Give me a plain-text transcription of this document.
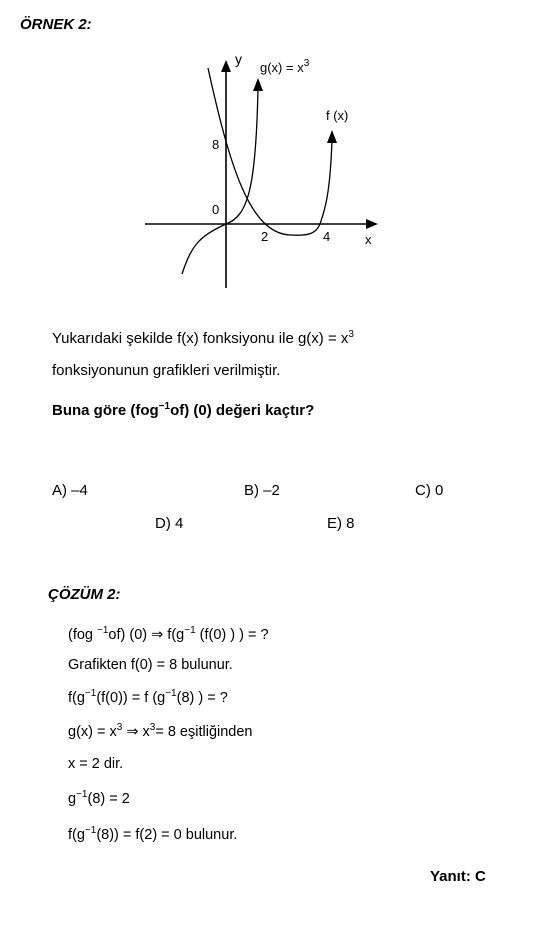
ÖRNEK 2:
y
$g(x) = x^3$
f (x)
8
0
2	4	x
Yukarıdaki şekilde f(x) fonksiyonu ile $g(x) = x^3$
fonksiyonunun grafikleri verilmiştir.
Buna göre (fog$^{-1}$of) (0) değeri kaçtır?
A) –4	B) –2	C) 0
D) 4	E) 8
ÇÖZÜM 2:
(fog $^{-1}$of) (0) ⇒ $f(g^{-1}$ (f(0) ) ) = ?
Grafikten f(0) = 8 bulunur.
$f(g^{-1}(f(0)) = f$ ($g^{-1}(8)$ ) = ?
$g(x) = x^3$ ⇒ $x^3= 8$ eşitliğinden
x = 2 dir.
$g^{-1}(8) = 2$
$f(g^{-1}(8)) = f(2) = 0$ bulunur.
Yanıt: C
